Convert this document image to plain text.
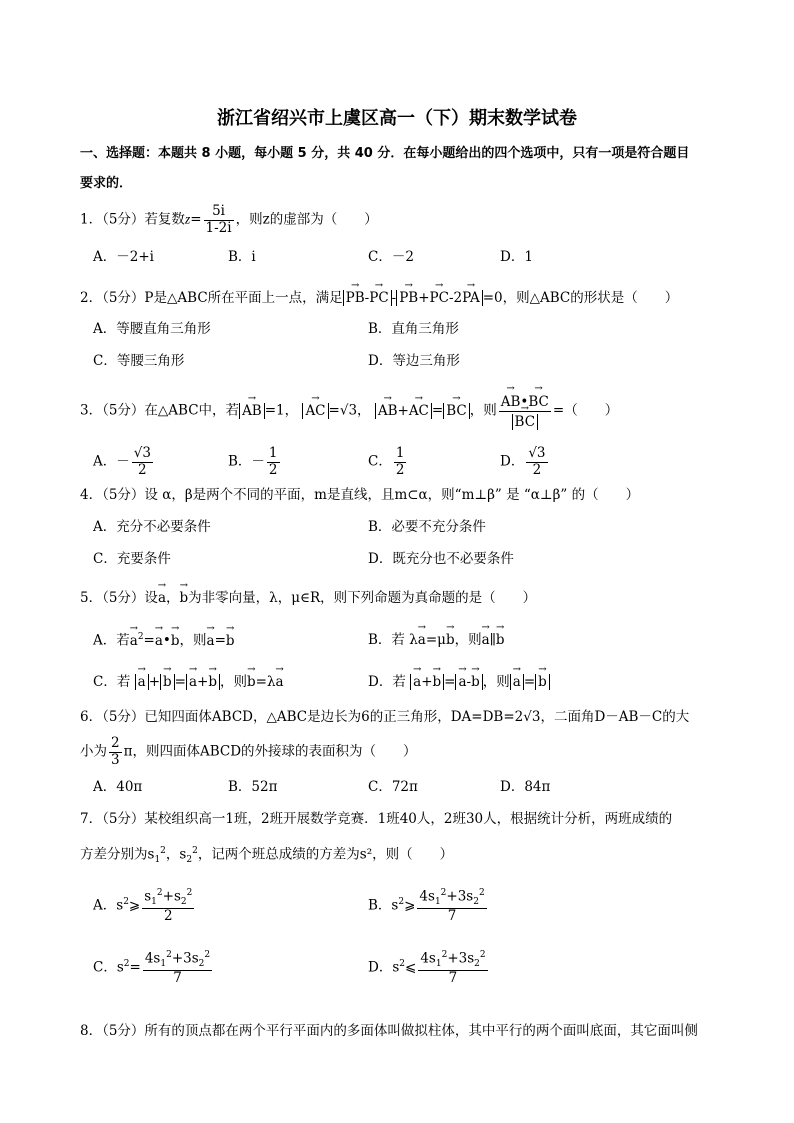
浙江省绍兴市上虞区高一（下）期末数学试卷
一、选择题：本题共 8 小题，每小题 5 分，共 40 分．在每小题给出的四个选项中，只有一项是符合题目
要求的．
1．（5分）若复数$z= \frac{5i}{1-2i}$ ，则z的虚部为（　　）
A．－2+i	B．i	C．－2	D．1
2．（5分）P是△ABC所在平面上一点，满足 → PB-→ PC - → PB+→ PC-2→ PA =0，则△ABC的形状是（　　）
A．等腰直角三角形	B．直角三角形
C．等腰三角形	D．等边三角形
3．（5分）在△ABC中，若 → AB =1， → AC =√3， → AB+→ AC = → BC ，则 → AB•→ BC
→ BC =（　　）
A．－ $\frac{√3}{2}$	B．－ $\frac{1}{2}$	C． $\frac{1}{2}$	D． $\frac{√3}{2}$
4．（5分）设 α，β是两个不同的平面，m是直线，且m⊂α，则“m⊥β” 是 “α⊥β” 的（　　）
A．充分不必要条件	B．必要不充分条件
C．充要条件	D．既充分也不必要条件
5．（5分）设→ a，→ b为非零向量，λ，μ∈R，则下列命题为真命题的是（　　）
A．若→ $a^2=\to$ a•→ b，则→ a=→ b	B．若 λ→ a=μ→ b，则→ a∥→ b
C．若 → a + → b = → a+→ b ，则→ b=λ→ a	D．若 → a+→ b = → a-→ b ，则 → a = → b
6．（5分）已知四面体ABCD，△ABC是边长为6的正三角形，DA=DB=2√3，二面角D－AB－C的大
小为 $\frac{2}{3}$ π，则四面体ABCD的外接球的表面积为（　　）
A．40π	B．52π	C．72π	D．84π
7．（5分）某校组织高一1班，2班开展数学竞赛．1班40人，2班30人，根据统计分析，两班成绩的
方差分别为$s_1^2$，$s_2^2$，记两个班总成绩的方差为s²，则（　　）
A．$s^2⩾ \frac{s_1^2+s_2^2}{2}$	B．$s^2⩾ \frac{4s_1^2+3s_2^2}{7}$
C．$s^2= \frac{4s_1^2+3s_2^2}{7}$	D．$s^2⩽ \frac{4s_1^2+3s_2^2}{7}$
8．（5分）所有的顶点都在两个平行平面内的多面体叫做拟柱体，其中平行的两个面叫底面，其它面叫侧
